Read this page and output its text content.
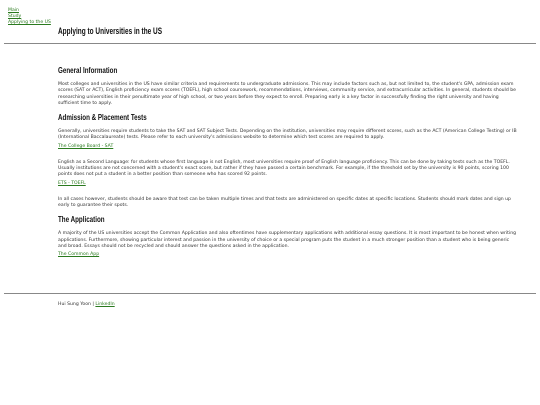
Main
Study
Applying to the US
Applying to Universities in the US
General Information

Most colleges and universities in the US have similar criteria and requirements to undergraduate admissions. This may include factors such as, but not limited to, the student's GPA, admission exam scores (SAT or ACT), English proficiency exam scores (TOEFL), high school coursework, recommendations, interviews, community service, and extracurricular activities. In general, students should be researching universities in their penultimate year of high school, or two years before they expect to enroll. Preparing early is a key factor in successfully finding the right university and having sufficient time to apply.

Admission & Placement Tests

Generally, universities require students to take the SAT and SAT Subject Tests. Depending on the institution, universities may require different scores, such as the ACT (American College Testing) or IB (International Baccalaureate) tests. Please refer to each university's admissions website to determine which test scores are required to apply.

The College Board - SAT

English as a Second Language: for students whose first language is not English, most universities require proof of English language proficiency. This can be done by taking tests such as the TOEFL. Usually institutions are not concerned with a student's exact score, but rather if they have passed a certain benchmark. For example, if the threshold set by the university is 90 points, scoring 100 points does not put a student in a better position than someone who has scored 92 points.

ETS - TOEFL

In all cases however, students should be aware that test can be taken multiple times and that tests are administered on specific dates at specific locations. Students should mark dates and sign up early to guarantee their spots.

The Application

A majority of the US universities accept the Common Application and also oftentimes have supplementary applications with additional essay questions. It is most important to be honest when writing applications. Furthermore, showing particular interest and passion in the university of choice or a special program puts the student in a much stronger position than a student who is being generic and broad. Essays should not be recycled and should answer the questions asked in the application.

The Common App
Hui Sung Yoon | LinkedIn
